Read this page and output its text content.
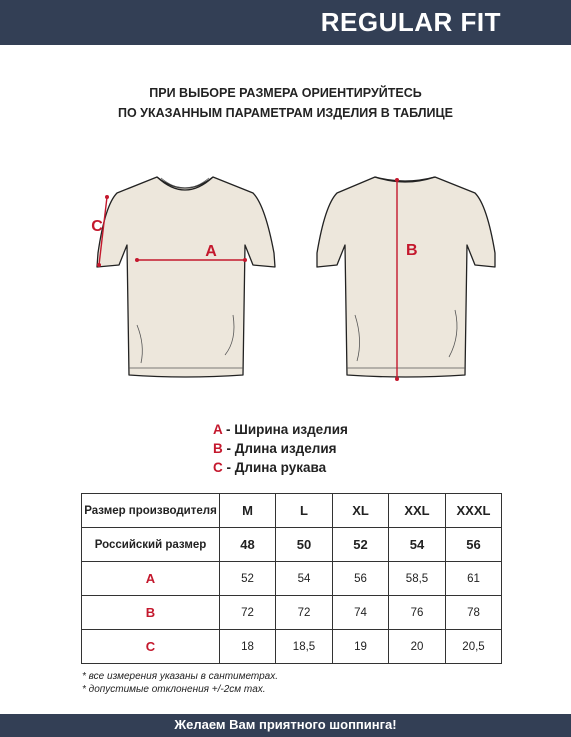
REGULAR FIT
ПРИ ВЫБОРЕ РАЗМЕРА ОРИЕНТИРУЙТЕСЬ
ПО УКАЗАННЫМ ПАРАМЕТРАМ ИЗДЕЛИЯ В ТАБЛИЦЕ
A
C
B
A - Ширина изделия
B - Длина изделия
C - Длина рукава
Размер производителя	M	L	XL	XXL	XXXL
Российский размер	48	50	52	54	56
A	52	54	56	58,5	61
B	72	72	74	76	78
C	18	18,5	19	20	20,5
* все измерения указаны в сантиметрах.
* допустимые отклонения +/-2см max.
Желаем Вам приятного шоппинга!
